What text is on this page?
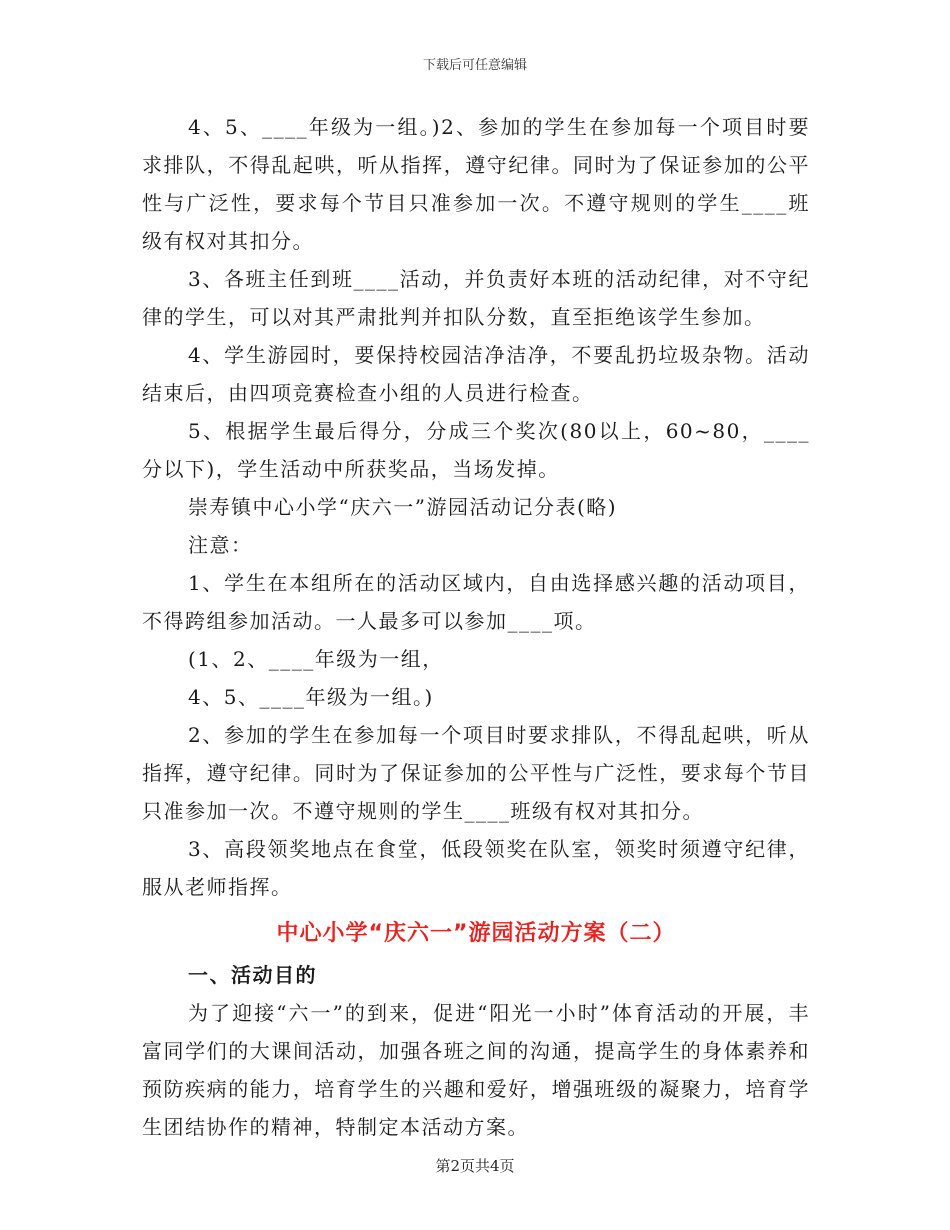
下载后可任意编辑

4、5、____年级为一组。)2、参加的学生在参加每一个项目时要求排队，不得乱起哄，听从指挥，遵守纪律。同时为了保证参加的公平性与广泛性，要求每个节目只准参加一次。不遵守规则的学生____班级有权对其扣分。

3、各班主任到班____活动，并负责好本班的活动纪律，对不守纪律的学生，可以对其严肃批判并扣队分数，直至拒绝该学生参加。

4、学生游园时，要保持校园洁净洁净，不要乱扔垃圾杂物。活动结束后，由四项竞赛检查小组的人员进行检查。

5、根据学生最后得分，分成三个奖次(80以上，60~80，____分以下)，学生活动中所获奖品，当场发掉。

崇寿镇中心小学“庆六一”游园活动记分表(略)

注意：

1、学生在本组所在的活动区域内，自由选择感兴趣的活动项目，不得跨组参加活动。一人最多可以参加____项。

(1、2、____年级为一组，

4、5、____年级为一组。)

2、参加的学生在参加每一个项目时要求排队，不得乱起哄，听从指挥，遵守纪律。同时为了保证参加的公平性与广泛性，要求每个节目只准参加一次。不遵守规则的学生____班级有权对其扣分。

3、高段领奖地点在食堂，低段领奖在队室，领奖时须遵守纪律，服从老师指挥。

中心小学“庆六一”游园活动方案（二）
一、活动目的

为了迎接“六一”的到来，促进“阳光一小时”体育活动的开展，丰富同学们的大课间活动，加强各班之间的沟通，提高学生的身体素养和预防疾病的能力，培育学生的兴趣和爱好，增强班级的凝聚力，培育学生团结协作的精神，特制定本活动方案。

第2页共4页
